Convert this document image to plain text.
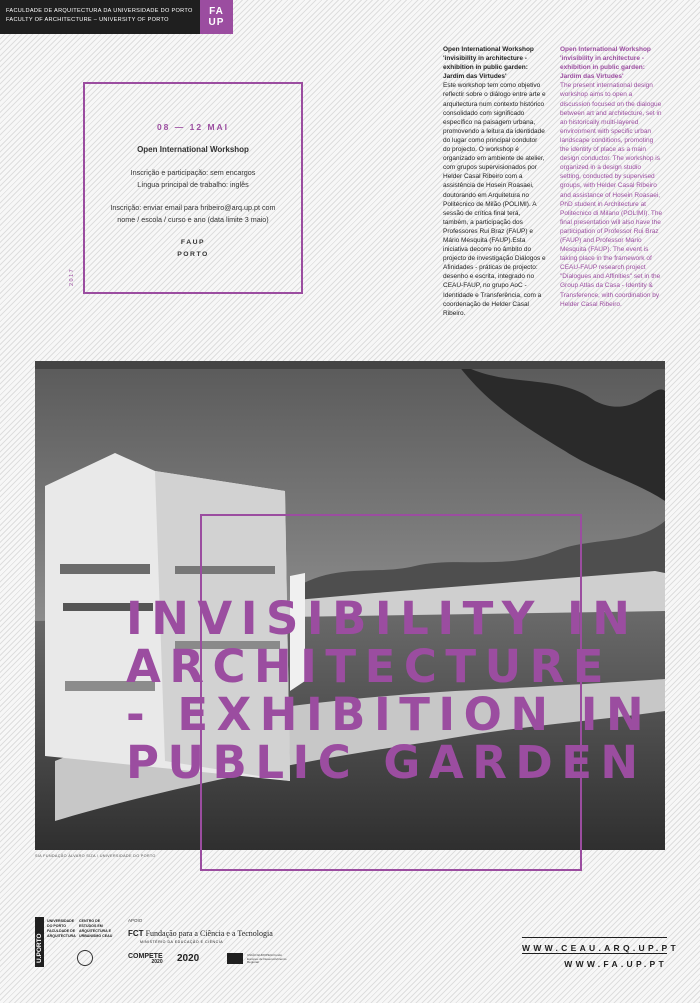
FACULDADE DE ARQUITECTURA DA UNIVERSIDADE DO PORTO
FACULTY OF ARCHITECTURE – UNIVERSITY OF PORTO
FA
UP
08 — 12 MAI
Open International Workshop
Inscrição e participação: sem encargos
Língua principal de trabalho: inglês
Inscrição: enviar email para hribeiro@arq.up.pt com
nome / escola / curso e ano (data limite 3 maio)
FAUP
PORTO
2017
Open International Workshop 'invisibility in architecture - exhibition in public garden: Jardim das Virtudes'
Este workshop tem como objetivo reflectir sobre o diálogo entre arte e arquitectura num contexto histórico consolidado com significado específico na paisagem urbana, promovendo a leitura da identidade do lugar como principal condutor do projecto. O workshop é organizado em ambiente de atelier, com grupos supervisionados por Helder Casal Ribeiro com a assistência de Hosein Roasaei, doutorando em Arquitetura no Politécnico de Milão (POLIMI). A sessão de crítica final terá, também, a participação dos Professores Rui Braz (FAUP) e Mário Mesquita (FAUP).Esta iniciativa decorre no âmbito do projecto de investigação Diálogos e Afinidades - práticas de projecto: desenho e escrita, integrado no CEAU-FAUP, no grupo AoC - Identidade e Transferência, com a coordenação de Helder Casal Ribeiro.
Open International Workshop 'invisibility in architecture - exhibition in public garden: Jardim das Virtudes'
The present international design workshop aims to open a discussion focused on the dialogue between art and architecture, set in an historically multi-layered environment with specific urban landscape conditions, promoting the identity of place as a main design conductor. The workshop is organized in a design studio setting, conducted by supervised groups, with Helder Casal Ribeiro and assistance of Hosein Roasaei, PhD student in Architecture at Politecnico di Milano (POLIMI). The final presentation will also have the participation of Professor Rui Braz (FAUP) and Professor Mario Mesquita (FAUP). The event is taking place in the framework of CEAU-FAUP research project "Dialogues and Affinities" set in the Group Atlas da Casa - Identity & Transference, with coordination by Helder Casal Ribeiro.
SIA FUNDAÇÃO ÁLVARO SIZA / UNIVERSIDADE DO PORTO
INVISIBILITY IN
ARCHITECTURE
- EXHIBITION IN
PUBLIC GARDEN
U.PORTO
UNIVERSIDADE DO PORTO FACULDADE DE ARQUITECTURA
CENTRO DE ESTUDOS EM ARQUITECTURA E URBANISMO CEAU
APOIO
FCT Fundação para a Ciência e a Tecnologia
MINISTÉRIO DA EDUCAÇÃO E CIÊNCIA
COMPETE
2020 2020	UNIÃO EUROPEIA Fundo Europeu de Desenvolvimento Regional
WWW.CEAU.ARQ.UP.PT
WWW.FA.UP.PT
